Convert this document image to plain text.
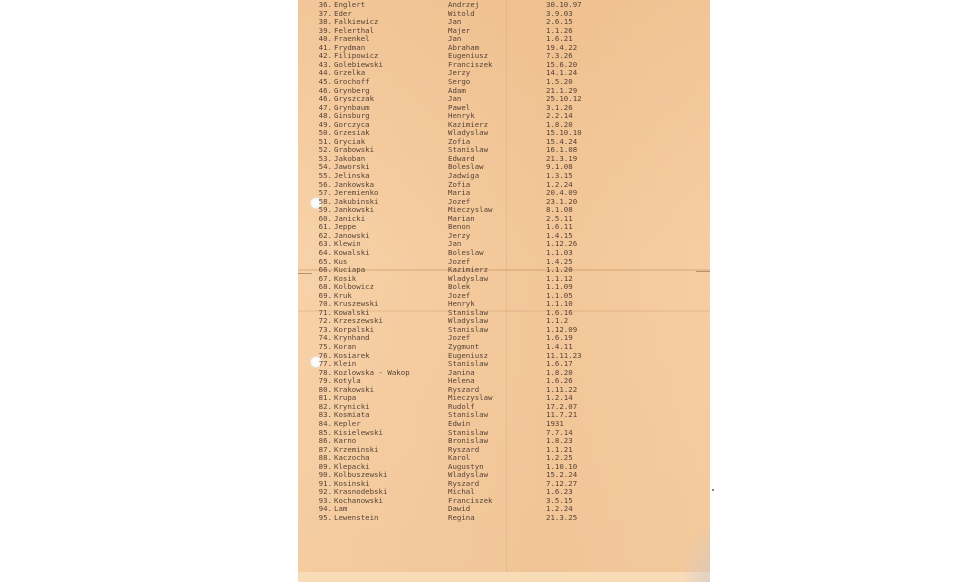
36. Englert	Andrzej	30.10.97
37. Eder	Witold	3.9.03
38. Falkiewicz	Jan	2.6.15
39. Felerthal	Majer	1.1.26
40. Fraenkel	Jan	1.6.21
41. Frydman	Abraham	19.4.22
42. Filipowicz	Eugeniusz	7.3.26
43. Golebiewski	Franciszek	15.6.20
44. Grzelka	Jerzy	14.1.24
45. Grochoff	Sergo	1.5.20
46. Grynberg	Adam	21.1.29
46. Gryszczak	Jan	25.10.12
47. Grynbaum	Pawel	3.1.26
48. Ginsburg	Henryk	2.2.14
49. Gorczyca	Kazimierz	1.8.20
50. Grzesiak	Wladyslaw	15.10.10
51. Gryciak	Zofia	15.4.24
52. Grabowski	Stanislaw	16.1.08
53. Jakoban	Edward	21.3.19
54. Jaworski	Boleslaw	9.1.08
55. Jelinska	Jadwiga	1.3.15
56. Jankowska	Zofia	1.2.24
57. Jeremienko	Maria	20.4.09
58. Jakubinski	Jozef	23.1.20
59. Jankowski	Mieczyslaw	8.1.08
60. Janicki	Marian	2.5.11
61. Jeppe	Benon	1.6.11
62. Janowski	Jerzy	1.4.15
63. Klewin	Jan	1.12.26
64. Kowalski	Boleslaw	1.1.03
65. Kus	Jozef	1.4.25
66. Kuciapa	Kazimierz	1.1.20
67. Kosik	Wladyslaw	1.1.12
68. Kolbowicz	Bolek	1.1.09
69. Kruk	Jozef	1.1.05
70. Kruszewski	Henryk	1.1.10
71. Kowalski	Stanislaw	1.6.16
72. Krzeszewski	Wladyslaw	1.1.2
73. Korpalski	Stanislaw	1.12.09
74. Krynhand	Jozef	1.6.19
75. Koran	Zygmunt	1.4.11
76. Kosiarek	Eugeniusz	11.11.23
77. Klein	Stanislaw	1.6.17
78. Kozlowska - Wakop	Janina	1.8.20
79. Kotyla	Helena	1.6.26
80. Krakowski	Ryszard	1.11.22
81. Krupa	Mieczyslaw	1.2.14
82. Krynicki	Rudolf	17.2.07
83. Kosmiata	Stanislaw	11.7.21
84. Kepler	Edwin	1931
85. Kisielewski	Stanislaw	7.7.14
86. Karno	Bronislaw	1.8.23
87. Krzeminski	Ryszard	1.1.21
88. Kaczocha	Karol	1.2.25
89. Klepacki	Augustyn	1.10.10
90. Kolbuszewski	Wladyslaw	15.2.24
91. Kosinski	Ryszard	7.12.27
92. Krasnodebski	Michal	1.6.23
93. Kochanowski	Franciszek	3.5.15
94. Lam	Dawid	1.2.24
95. Lewenstein	Regina	21.3.25
